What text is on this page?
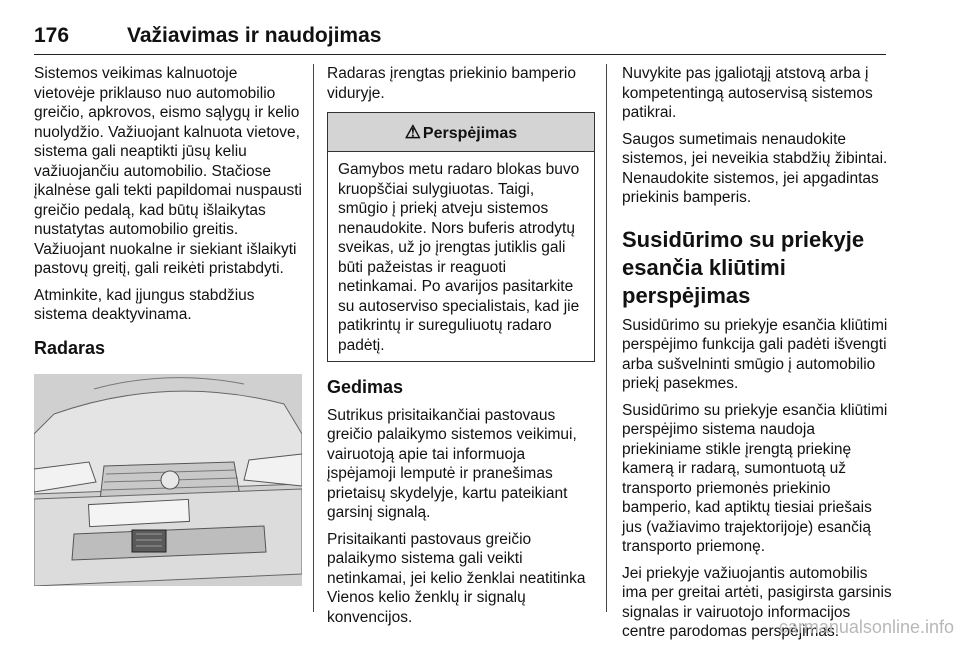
176	Važiavimas ir naudojimas

Sistemos veikimas kalnuotoje vietovėje priklauso nuo automobilio greičio, apkrovos, eismo sąlygų ir kelio nuolydžio. Važiuojant kalnuota vietove, sistema gali neaptikti jūsų keliu važiuojančiu automobilio. Stačiose įkalnėse gali tekti papildomai nuspausti greičio pedalą, kad būtų išlaikytas nustatytas automobilio greitis. Važiuojant nuokalne ir siekiant išlaikyti pastovų greitį, gali reikėti pristabdyti.

Atminkite, kad įjungus stabdžius sistema deaktyvinama.

Radaras

Radaras įrengtas priekinio bamperio viduryje.

⚠ Perspėjimas
Gamybos metu radaro blokas buvo kruopščiai sulygiuotas. Taigi, smūgio į priekį atveju sistemos nenaudokite. Nors buferis atrodytų sveikas, už jo įrengtas jutiklis gali būti pažeistas ir reaguoti netinkamai. Po avarijos pasitarkite su autoserviso specialistais, kad jie patikrintų ir sureguliuotų radaro padėtį.
Gedimas

Sutrikus prisitaikančiai pastovaus greičio palaikymo sistemos veikimui, vairuotoją apie tai informuoja įspėjamoji lemputė ir pranešimas prietaisų skydelyje, kartu pateikiant garsinį signalą.

Prisitaikanti pastovaus greičio palaikymo sistema gali veikti netinkamai, jei kelio ženklai neatitinka Vienos kelio ženklų ir signalų konvencijos.

Nuvykite pas įgaliotąjį atstovą arba į kompetentingą autoservisą sistemos patikrai.

Saugos sumetimais nenaudokite sistemos, jei neveikia stabdžių žibintai. Nenaudokite sistemos, jei apgadintas priekinis bamperis.

Susidūrimo su priekyje esančia kliūtimi perspėjimas

Susidūrimo su priekyje esančia kliūtimi perspėjimo funkcija gali padėti išvengti arba sušvelninti smūgio į automobilio priekį pasekmes.

Susidūrimo su priekyje esančia kliūtimi perspėjimo sistema naudoja priekiniame stikle įrengtą priekinę kamerą ir radarą, sumontuotą už transporto priemonės priekinio bamperio, kad aptiktų tiesiai priešais jus (važiavimo trajektorijoje) esančią transporto priemonę.

Jei priekyje važiuojantis automobilis ima per greitai artėti, pasigirsta garsinis signalas ir vairuotojo informacijos centre parodomas perspėjimas.

carmanualsonline.info
